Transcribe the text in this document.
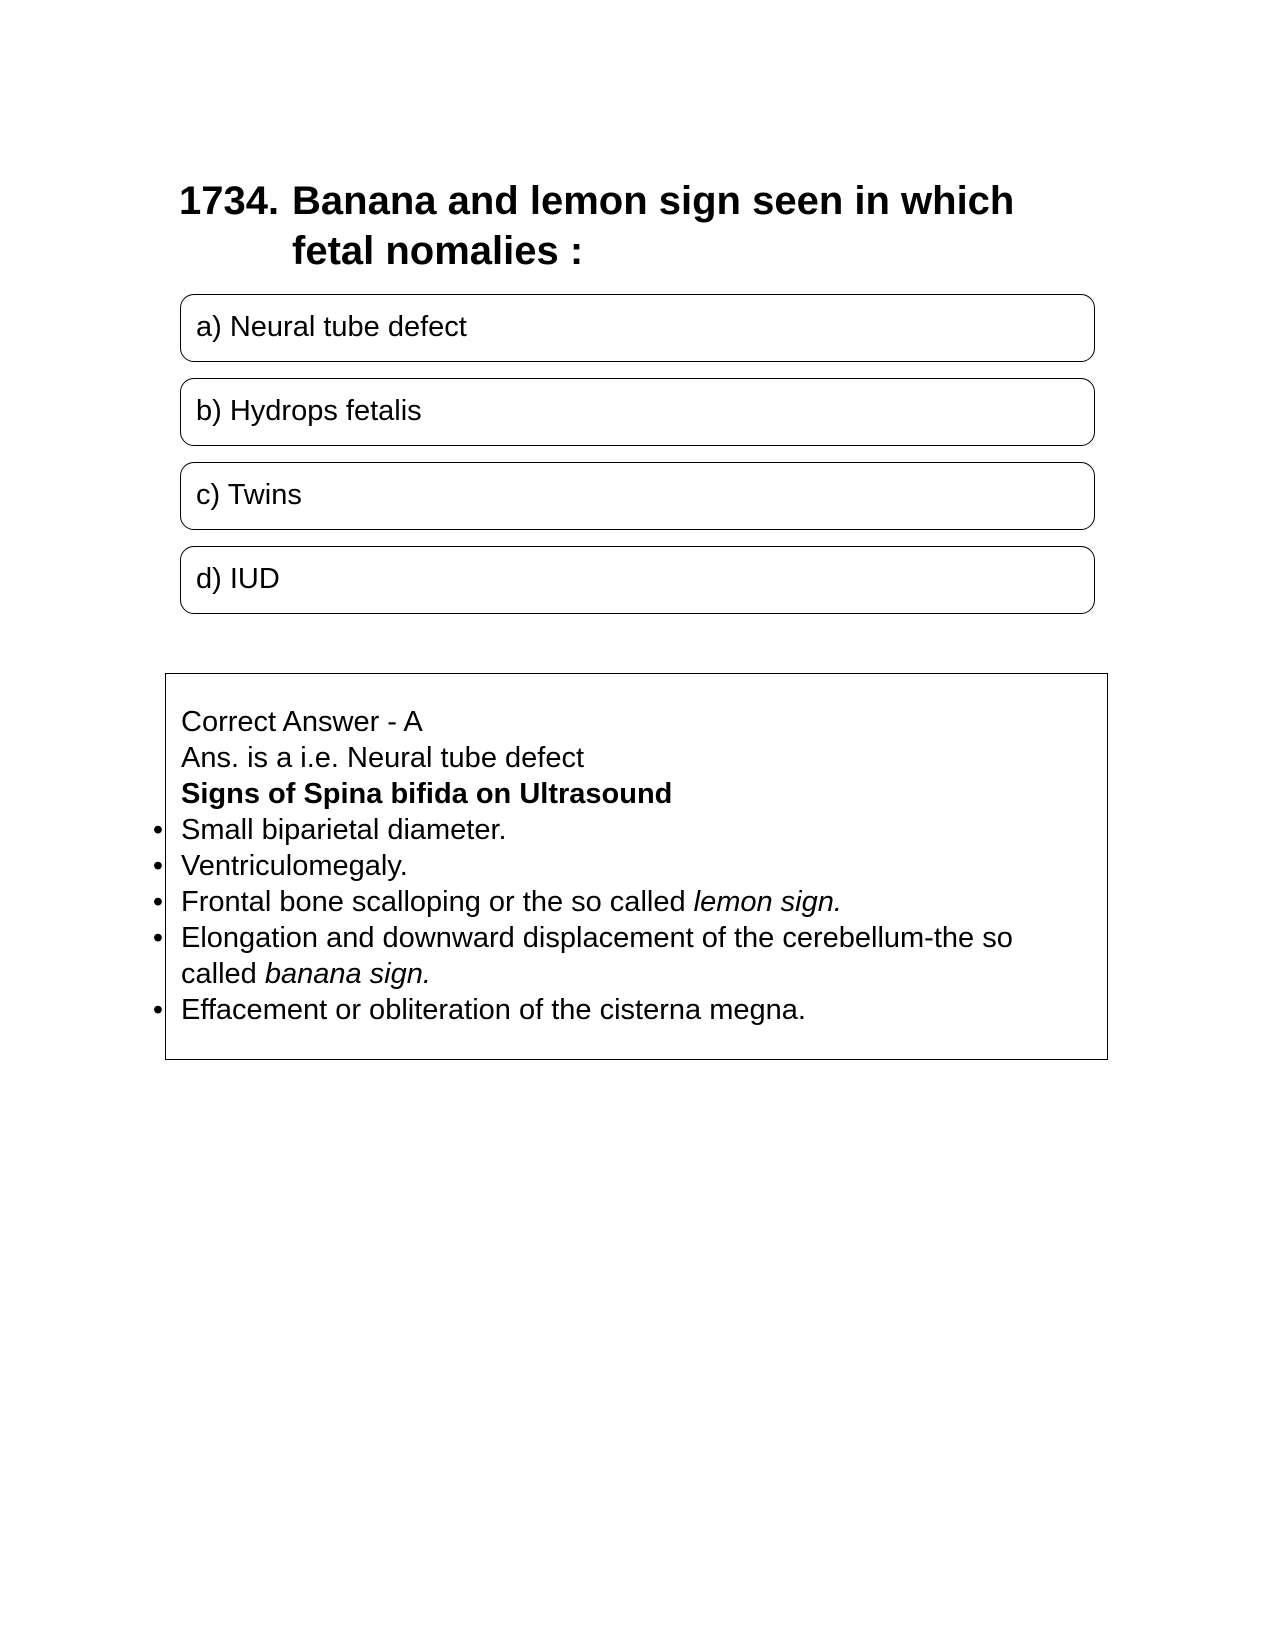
1734. Banana and lemon sign seen in which fetal nomalies :
a) Neural tube defect
b) Hydrops fetalis
c) Twins
d) IUD
Correct Answer - A
Ans. is a i.e. Neural tube defect
Signs of Spina bifida on Ultrasound
• Small biparietal diameter.
• Ventriculomegaly.
• Frontal bone scalloping or the so called lemon sign.
• Elongation and downward displacement of the cerebellum-the so called banana sign.
• Effacement or obliteration of the cisterna megna.
